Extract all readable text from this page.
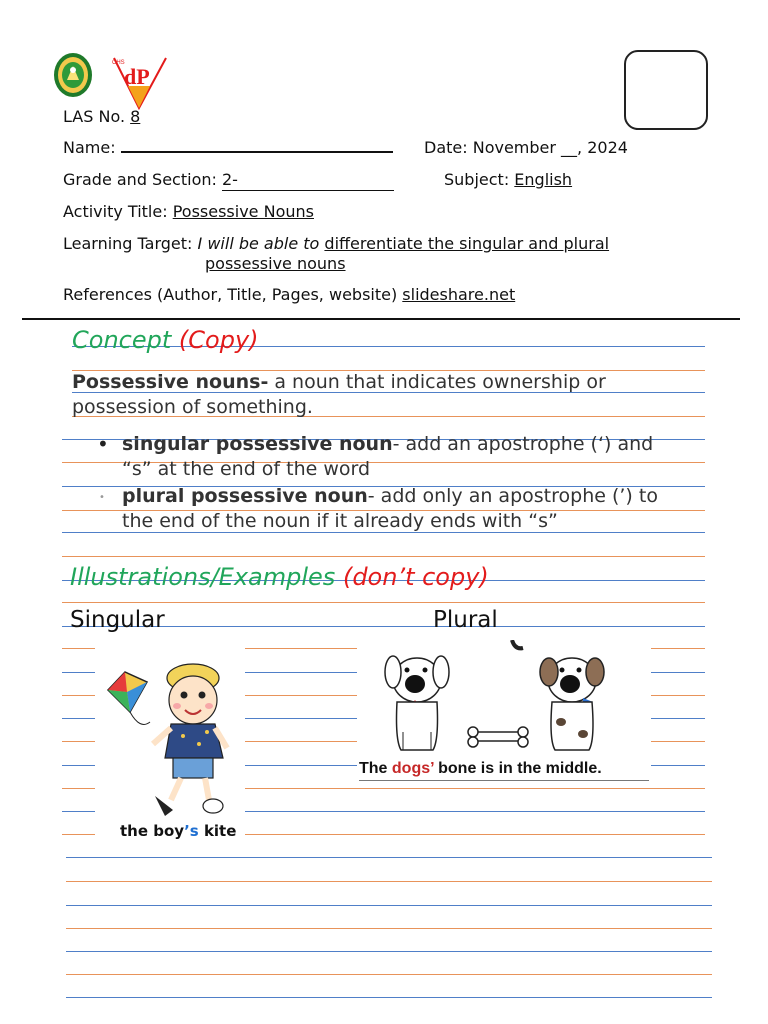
CHS
dP
LAS No. 8
Name:	Date: November __, 2024
Grade and Section: 2-	Subject: English
Activity Title: Possessive Nouns
Learning Target: I will be able to differentiate the singular and plural
possessive nouns
References (Author, Title, Pages, website) slideshare.net
Concept (Copy)
Possessive nouns- a noun that indicates ownership or
possession of something.
• singular possessive noun- add an apostrophe (‘) and
“s” at the end of the word
• plural possessive noun- add only an apostrophe (’) to
the end of the noun if it already ends with “s”
Illustrations/Examples (don’t copy)
Singular	Plural
the boy’s kite
The dogs’ bone is in the middle.
